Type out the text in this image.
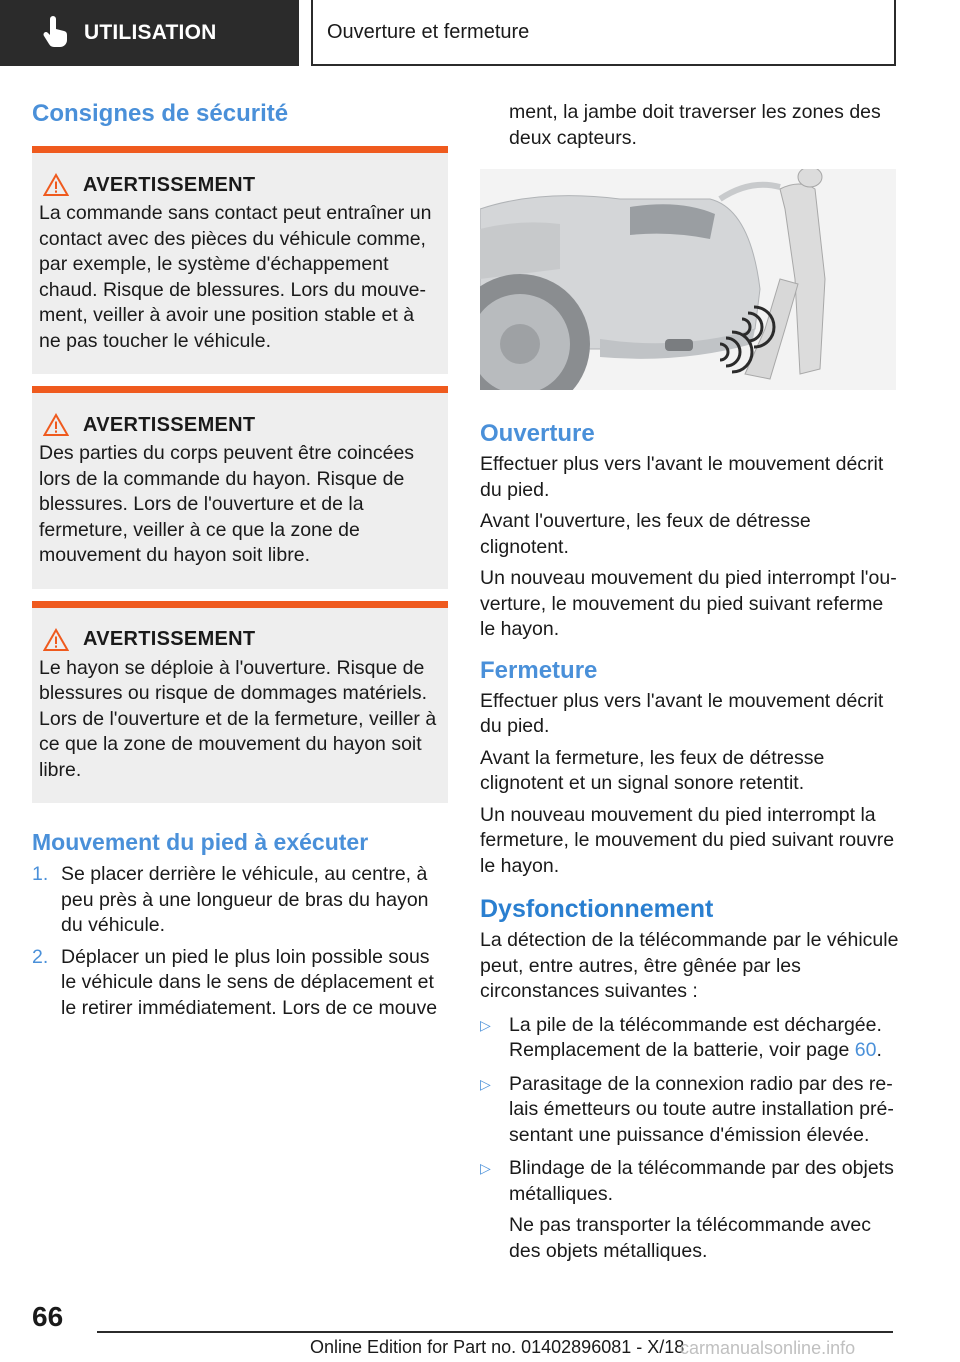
UTILISATION	Ouverture et fermeture
Consignes de sécurité
AVERTISSEMENT

La commande sans contact peut entraîner un contact avec des pièces du véhicule comme, par exemple, le système d'échappement chaud. Risque de blessures. Lors du mouvement, veiller à avoir une position stable et à ne pas toucher le véhicule.

AVERTISSEMENT

Des parties du corps peuvent être coincées lors de la commande du hayon. Risque de blessures. Lors de l'ouverture et de la fermeture, veiller à ce que la zone de mouvement du hayon soit libre.

AVERTISSEMENT

Le hayon se déploie à l'ouverture. Risque de blessures ou risque de dommages matériels. Lors de l'ouverture et de la fermeture, veiller à ce que la zone de mouvement du hayon soit libre.

Mouvement du pied à exécuter
1. Se placer derrière le véhicule, au centre, à peu près à une longueur de bras du hayon du véhicule.
2. Déplacer un pied le plus loin possible sous le véhicule dans le sens de déplacement et le retirer immédiatement. Lors de ce mouve

ment, la jambe doit traverser les zones des deux capteurs.

Ouverture

Effectuer plus vers l'avant le mouvement décrit du pied.

Avant l'ouverture, les feux de détresse clignotent.

Un nouveau mouvement du pied interrompt l'ouverture, le mouvement du pied suivant referme le hayon.

Fermeture

Effectuer plus vers l'avant le mouvement décrit du pied.

Avant la fermeture, les feux de détresse clignotent et un signal sonore retentit.

Un nouveau mouvement du pied interrompt la fermeture, le mouvement du pied suivant rouvre le hayon.

Dysfonctionnement

La détection de la télécommande par le véhicule peut, entre autres, être gênée par les circonstances suivantes :

▷ La pile de la télécommande est déchargée. Remplacement de la batterie, voir page 60.
▷ Parasitage de la connexion radio par des relais émetteurs ou toute autre installation présentant une puissance d'émission élevée.
▷ Blindage de la télécommande par des objets métalliques.

Ne pas transporter la télécommande avec des objets métalliques.

66
Online Edition for Part no. 01402896081 - X/18
carmanualsonline.info
